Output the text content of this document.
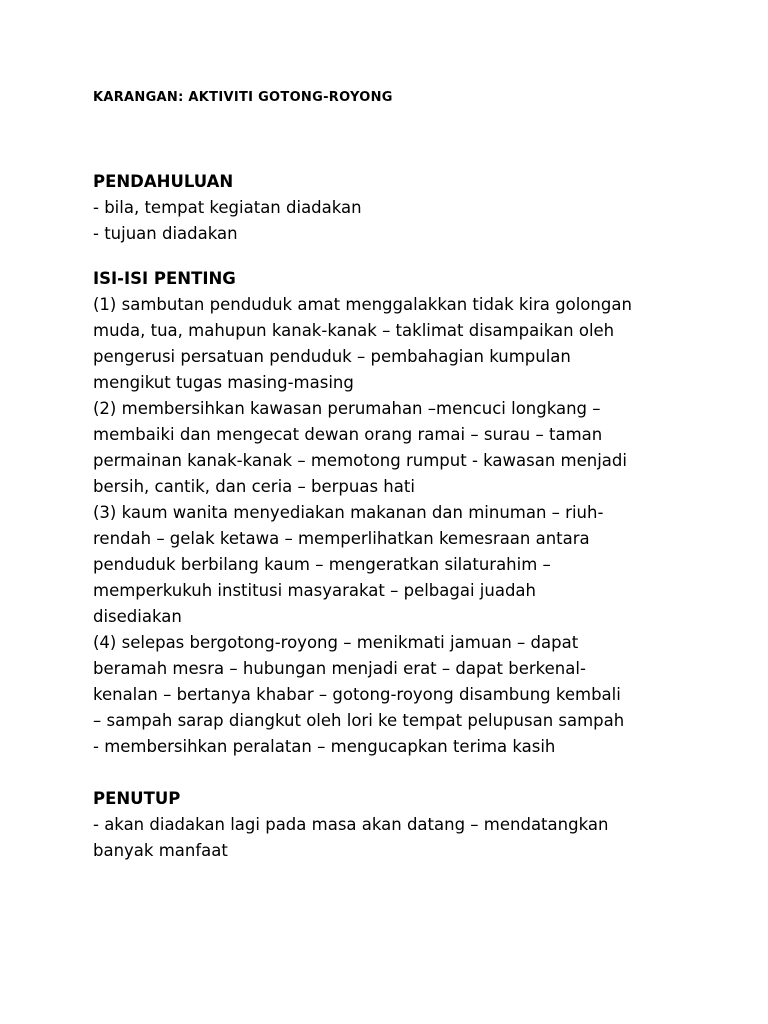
KARANGAN: AKTIVITI GOTONG-ROYONG
PENDAHULUAN
- bila, tempat kegiatan diadakan
- tujuan diadakan
ISI-ISI PENTING
(1) sambutan penduduk amat menggalakkan tidak kira golongan
muda, tua, mahupun kanak-kanak – taklimat disampaikan oleh
pengerusi persatuan penduduk – pembahagian kumpulan
mengikut tugas masing-masing
(2) membersihkan kawasan perumahan –mencuci longkang –
membaiki dan mengecat dewan orang ramai – surau – taman
permainan kanak-kanak – memotong rumput - kawasan menjadi
bersih, cantik, dan ceria – berpuas hati
(3) kaum wanita menyediakan makanan dan minuman – riuh-
rendah – gelak ketawa – memperlihatkan kemesraan antara
penduduk berbilang kaum – mengeratkan silaturahim –
memperkukuh institusi masyarakat – pelbagai juadah
disediakan
(4) selepas bergotong-royong – menikmati jamuan – dapat
beramah mesra – hubungan menjadi erat – dapat berkenal-
kenalan – bertanya khabar – gotong-royong disambung kembali
– sampah sarap diangkut oleh lori ke tempat pelupusan sampah
- membersihkan peralatan – mengucapkan terima kasih
PENUTUP
- akan diadakan lagi pada masa akan datang – mendatangkan
banyak manfaat
